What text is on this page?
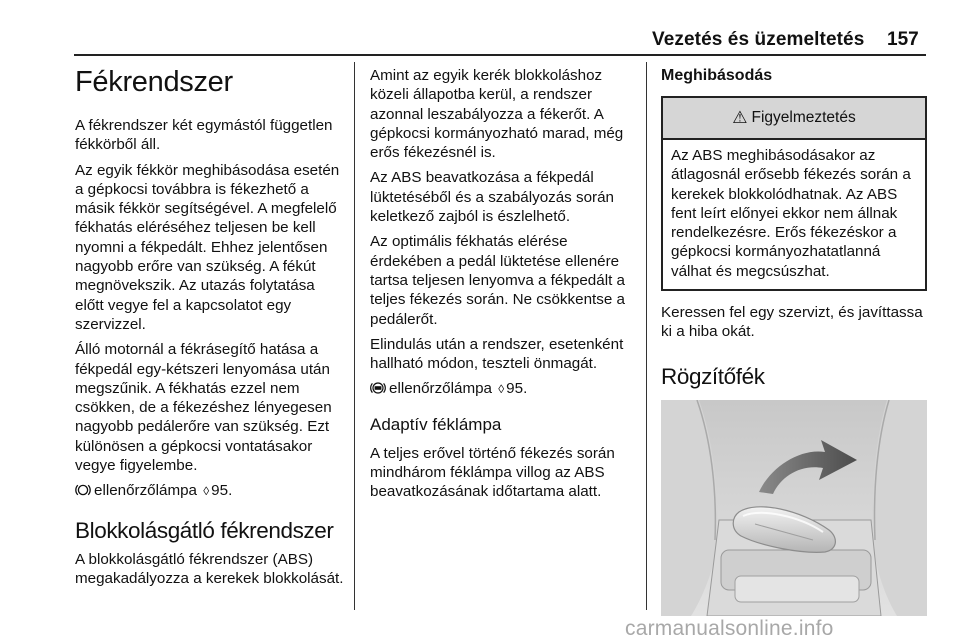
Vezetés és üzemeltetés 157
Fékrendszer

A fékrendszer két egymástól független fékkörből áll.

Az egyik fékkör meghibásodása esetén a gépkocsi továbbra is fékezhető a másik fékkör segítségével. A megfelelő fékhatás eléréséhez teljesen be kell nyomni a fékpedált. Ehhez jelentősen nagyobb erőre van szükség. A fékút megnövekszik. Az utazás folytatása előtt vegye fel a kapcsolatot egy szervizzel.

Álló motornál a fékrásegítő hatása a fékpedál egy-kétszeri lenyomása után megszűnik. A fékhatás ezzel nem csökken, de a fékezéshez lényegesen nagyobb pedálerőre van szükség. Ezt különösen a gépkocsi vontatásakor vegye figyelembe.

ellenőrzőlámpa ◊ 95.

Blokkolásgátló fékrendszer

A blokkolásgátló fékrendszer (ABS) megakadályozza a kerekek blokkolását.

Amint az egyik kerék blokkoláshoz közeli állapotba kerül, a rendszer azonnal leszabályozza a fékerőt. A gépkocsi kormányozható marad, még erős fékezésnél is.

Az ABS beavatkozása a fékpedál lüktetéséből és a szabályozás során keletkező zajból is észlelhető.

Az optimális fékhatás elérése érdekében a pedál lüktetése ellenére tartsa teljesen lenyomva a fékpedált a teljes fékezés során. Ne csökkentse a pedálerőt.

Elindulás után a rendszer, esetenként hallható módon, teszteli önmagát.

ellenőrzőlámpa ◊ 95.

Adaptív féklámpa

A teljes erővel történő fékezés során mindhárom féklámpa villog az ABS beavatkozásának időtartama alatt.

Meghibásodás
⚠ Figyelmeztetés

Az ABS meghibásodásakor az átlagosnál erősebb fékezés során a kerekek blokkolódhatnak. Az ABS fent leírt előnyei ekkor nem állnak rendelkezésre. Erős fékezéskor a gépkocsi kormányozhatatlanná válhat és megcsúszhat.

Keressen fel egy szervizt, és javíttassa ki a hiba okát.

Rögzítőfék
carmanualsonline.info
